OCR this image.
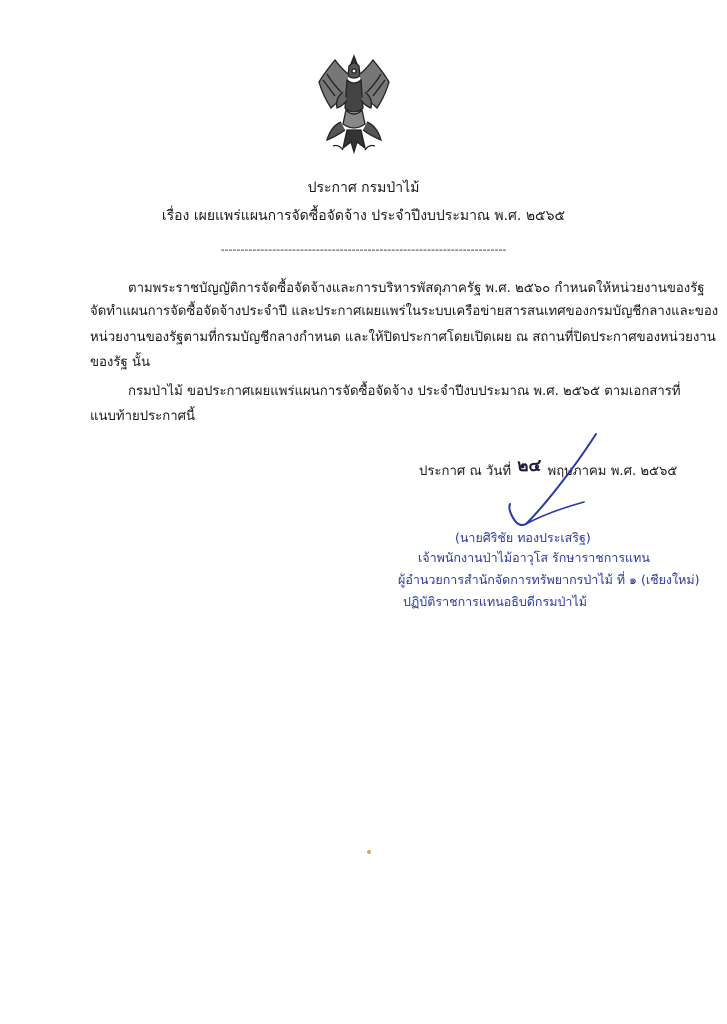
ประกาศ กรมป่าไม้
เรื่อง เผยแพร่แผนการจัดซื้อจัดจ้าง ประจำปีงบประมาณ พ.ศ. ๒๕๖๕
------------------------------------------------------------------------
ตามพระราชบัญญัติการจัดซื้อจัดจ้างและการบริหารพัสดุภาครัฐ พ.ศ. ๒๕๖๐ กำหนดให้หน่วยงานของรัฐ
จัดทำแผนการจัดซื้อจัดจ้างประจำปี และประกาศเผยแพร่ในระบบเครือข่ายสารสนเทศของกรมบัญชีกลางและของ
หน่วยงานของรัฐตามที่กรมบัญชีกลางกำหนด และให้ปิดประกาศโดยเปิดเผย ณ สถานที่ปิดประกาศของหน่วยงาน
ของรัฐ นั้น
กรมป่าไม้ ขอประกาศเผยแพร่แผนการจัดซื้อจัดจ้าง ประจำปีงบประมาณ พ.ศ. ๒๕๖๕ ตามเอกสารที่
แนบท้ายประกาศนี้
ประกาศ ณ วันที่ ๒๔ พฤษภาคม พ.ศ. ๒๕๖๕
(นายศิริชัย ทองประเสริฐ)
เจ้าพนักงานป่าไม้อาวุโส รักษาราชการแทน
ผู้อำนวยการสำนักจัดการทรัพยากรป่าไม้ ที่ ๑ (เชียงใหม่)
ปฏิบัติราชการแทนอธิบดีกรมป่าไม้
